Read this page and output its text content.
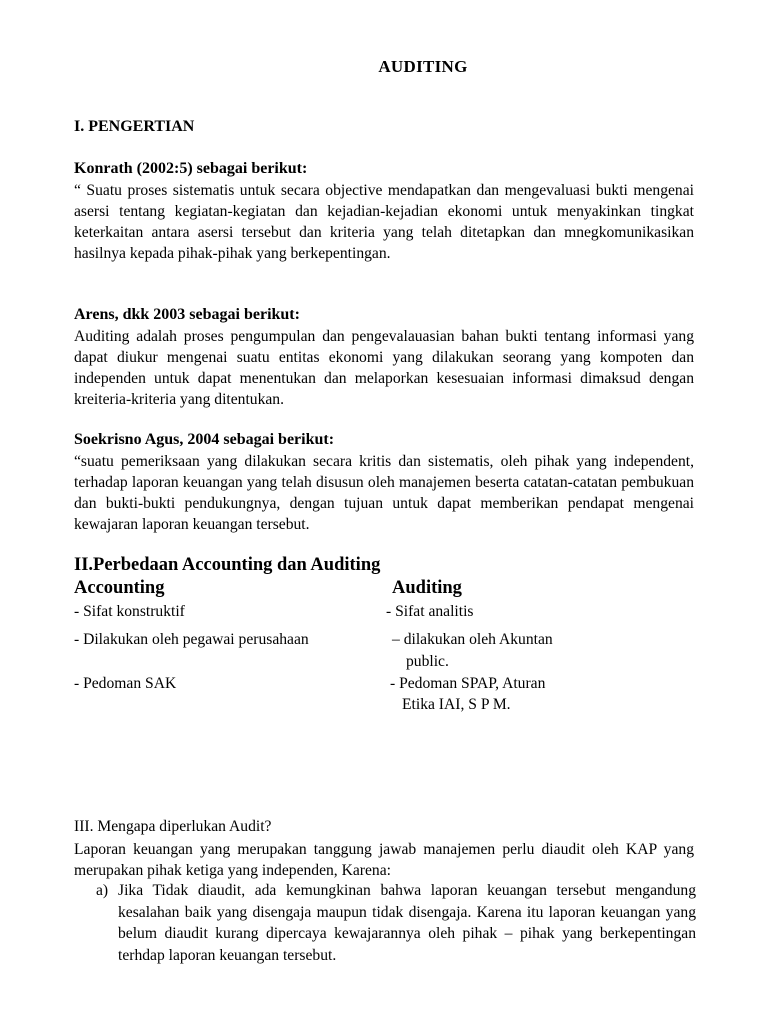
AUDITING
I. PENGERTIAN
Konrath (2002:5) sebagai berikut:
“ Suatu proses sistematis untuk secara objective mendapatkan dan mengevaluasi bukti mengenai asersi tentang kegiatan-kegiatan dan kejadian-kejadian ekonomi untuk menyakinkan tingkat keterkaitan antara asersi tersebut dan kriteria yang telah ditetapkan dan mnegkomunikasikan hasilnya kepada pihak-pihak yang berkepentingan.
Arens, dkk 2003 sebagai berikut:
Auditing adalah proses pengumpulan dan pengevalauasian bahan bukti tentang informasi yang dapat diukur mengenai suatu entitas ekonomi yang dilakukan seorang yang kompoten dan independen untuk dapat menentukan dan melaporkan kesesuaian informasi dimaksud dengan kreiteria-kriteria yang ditentukan.
Soekrisno Agus, 2004 sebagai berikut:
“suatu pemeriksaan yang dilakukan secara kritis dan sistematis, oleh pihak yang independent, terhadap laporan keuangan yang telah disusun oleh manajemen beserta catatan-catatan pembukuan dan bukti-bukti pendukungnya, dengan tujuan untuk dapat memberikan pendapat mengenai kewajaran laporan keuangan tersebut.
II.Perbedaan Accounting dan Auditing
Accounting	Auditing
- Sifat konstruktif	- Sifat analitis
- Dilakukan oleh pegawai perusahaan	– dilakukan oleh Akuntan
public.
- Pedoman SAK	- Pedoman SPAP, Aturan
Etika IAI, S P M.
III. Mengapa diperlukan Audit?
Laporan keuangan yang merupakan tanggung jawab manajemen perlu diaudit oleh KAP yang merupakan pihak ketiga yang independen, Karena:
a) Jika Tidak diaudit, ada kemungkinan bahwa laporan keuangan tersebut mengandung kesalahan baik yang disengaja maupun tidak disengaja. Karena itu laporan keuangan yang belum diaudit kurang dipercaya kewajarannya oleh pihak – pihak yang berkepentingan terhdap laporan keuangan tersebut.
